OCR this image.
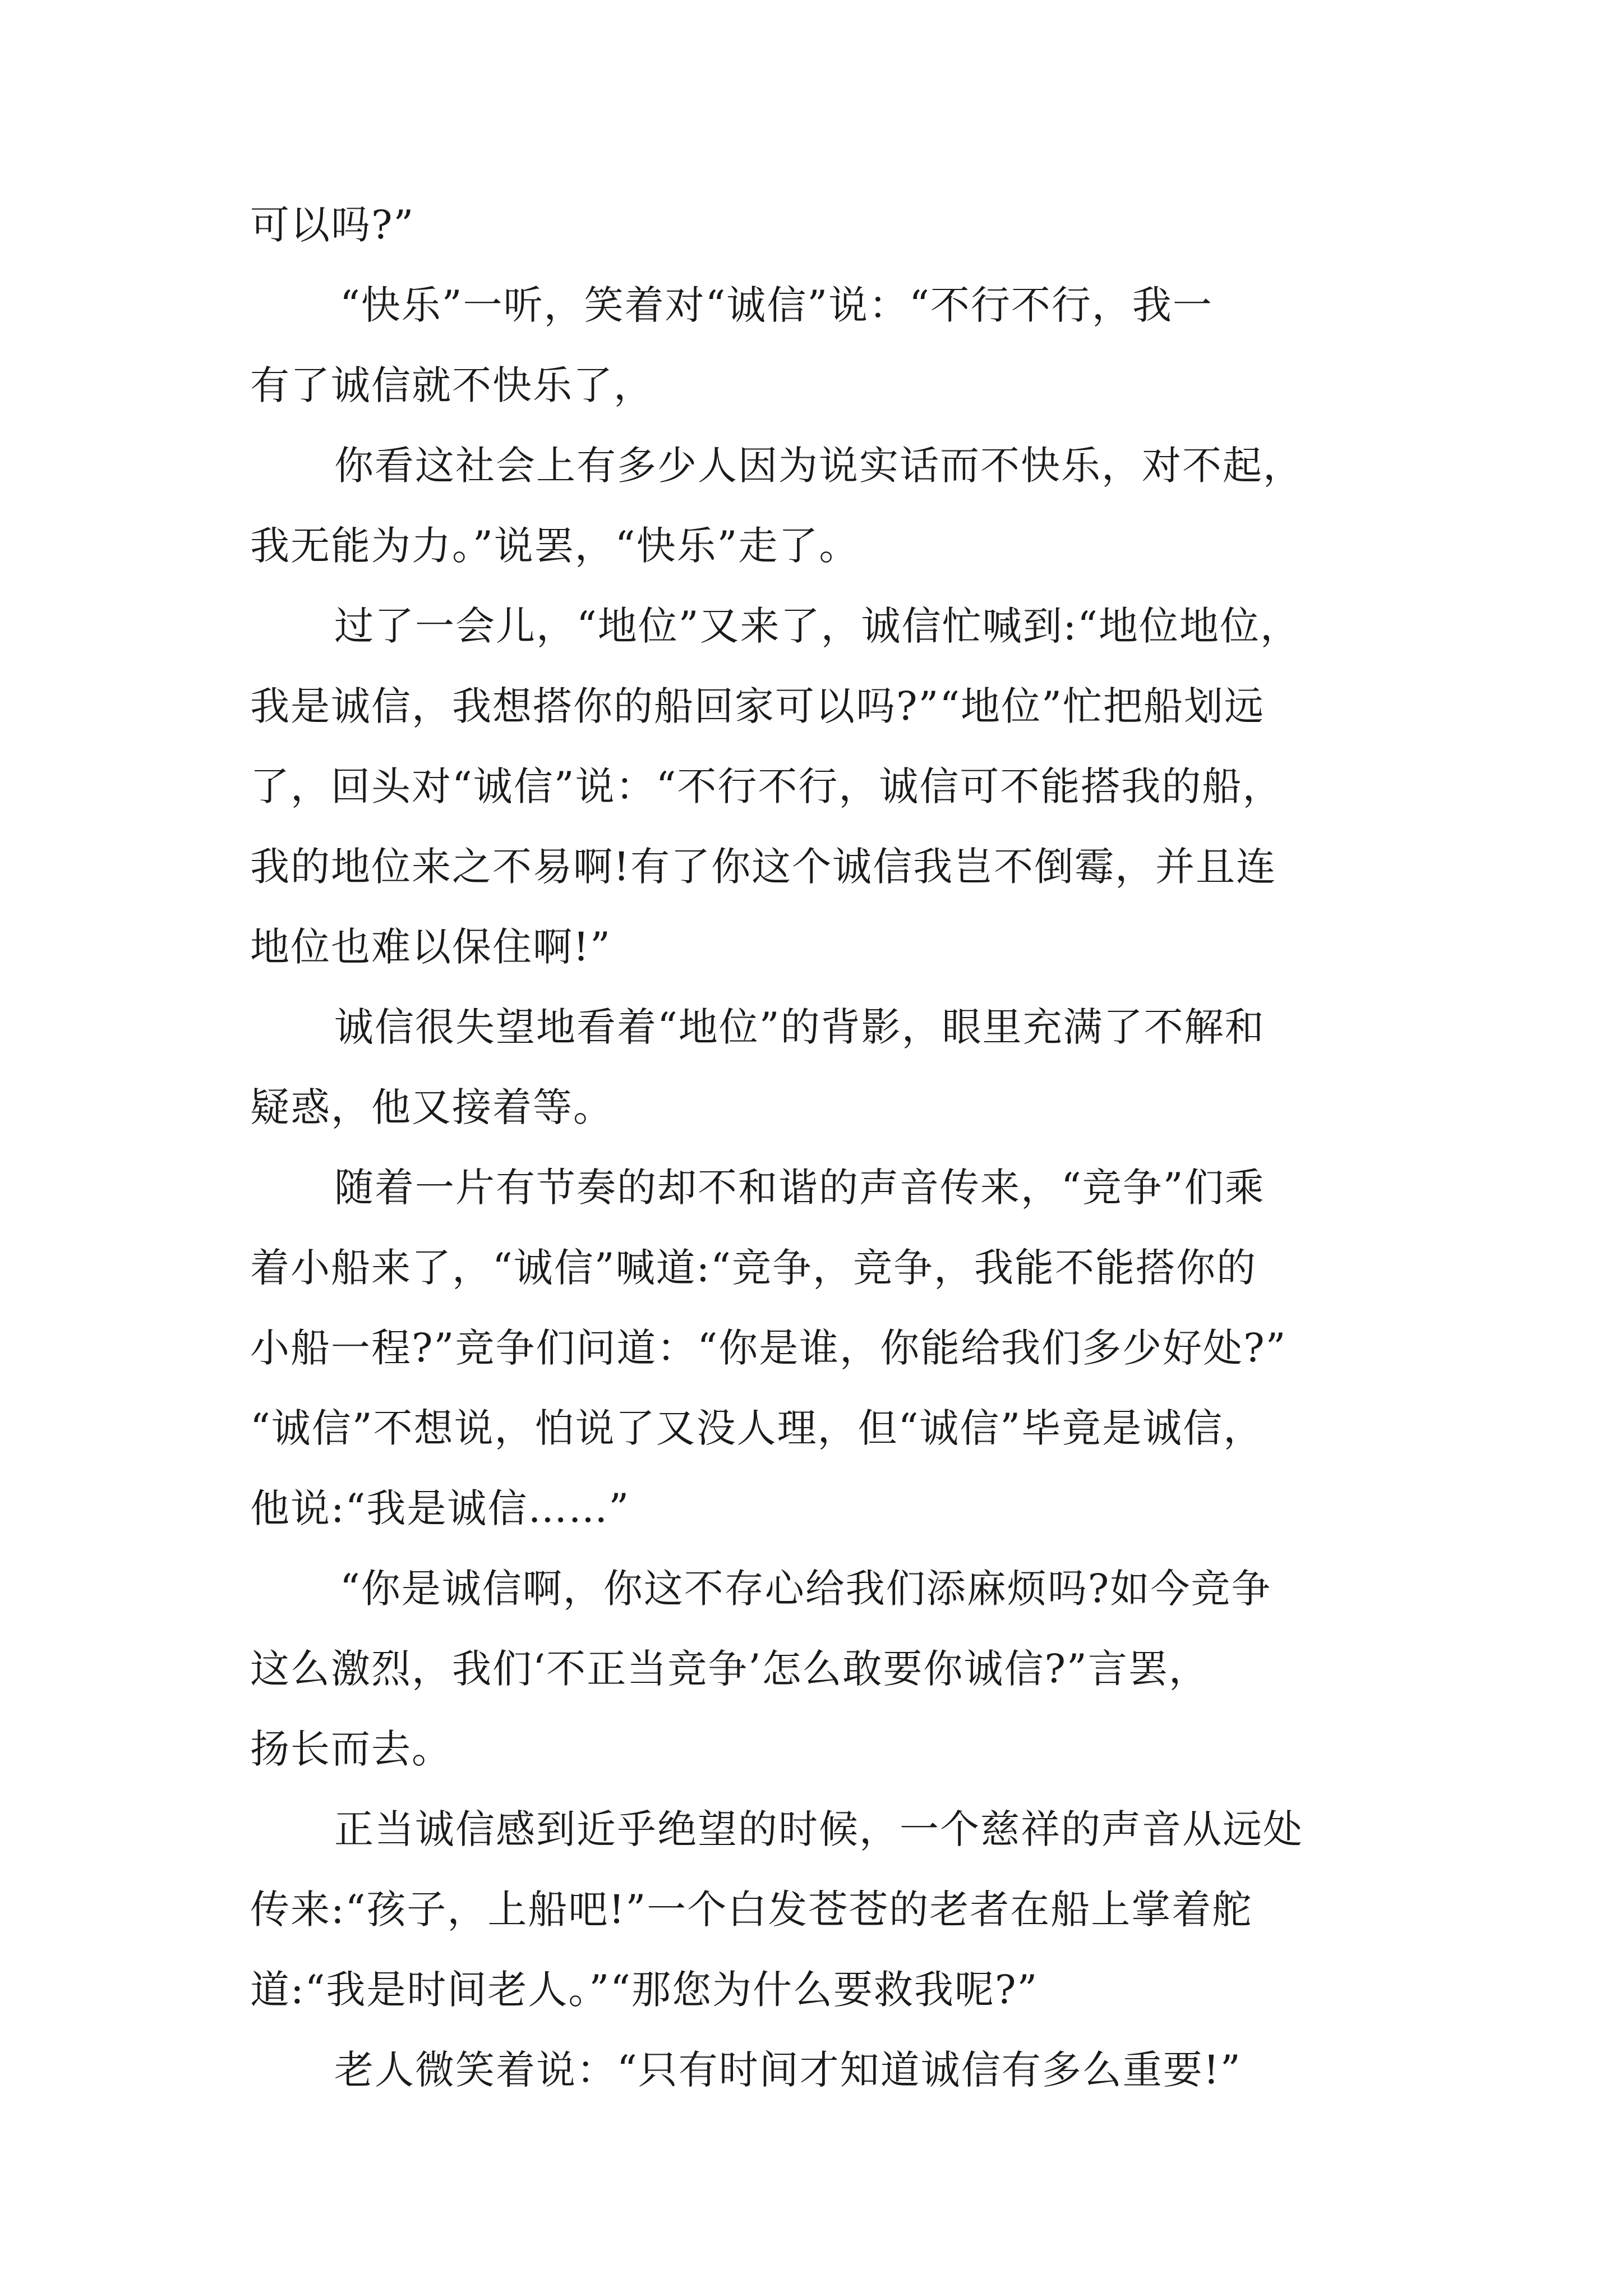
可以吗?”
“快乐”一听，笑着对“诚信”说：“不行不行，我一
有了诚信就不快乐了，
你看这社会上有多少人因为说实话而不快乐，对不起，
我无能为力。”说罢，“快乐”走了。
过了一会儿，“地位”又来了，诚信忙喊到:“地位地位，
我是诚信，我想搭你的船回家可以吗?”“地位”忙把船划远
了，回头对“诚信”说：“不行不行，诚信可不能搭我的船，
我的地位来之不易啊!有了你这个诚信我岂不倒霉，并且连
地位也难以保住啊!”
诚信很失望地看着“地位”的背影，眼里充满了不解和
疑惑，他又接着等。
随着一片有节奏的却不和谐的声音传来，“竞争”们乘
着小船来了，“诚信”喊道:“竞争，竞争，我能不能搭你的
小船一程?”竞争们问道：“你是谁，你能给我们多少好处?”
“诚信”不想说，怕说了又没人理，但“诚信”毕竟是诚信，
他说:“我是诚信……”
“你是诚信啊，你这不存心给我们添麻烦吗?如今竞争
这么激烈，我们‘不正当竞争’怎么敢要你诚信?”言罢，
扬长而去。
正当诚信感到近乎绝望的时候，一个慈祥的声音从远处
传来:“孩子，上船吧!”一个白发苍苍的老者在船上掌着舵
道:“我是时间老人。”“那您为什么要救我呢?”
老人微笑着说：“只有时间才知道诚信有多么重要!”
